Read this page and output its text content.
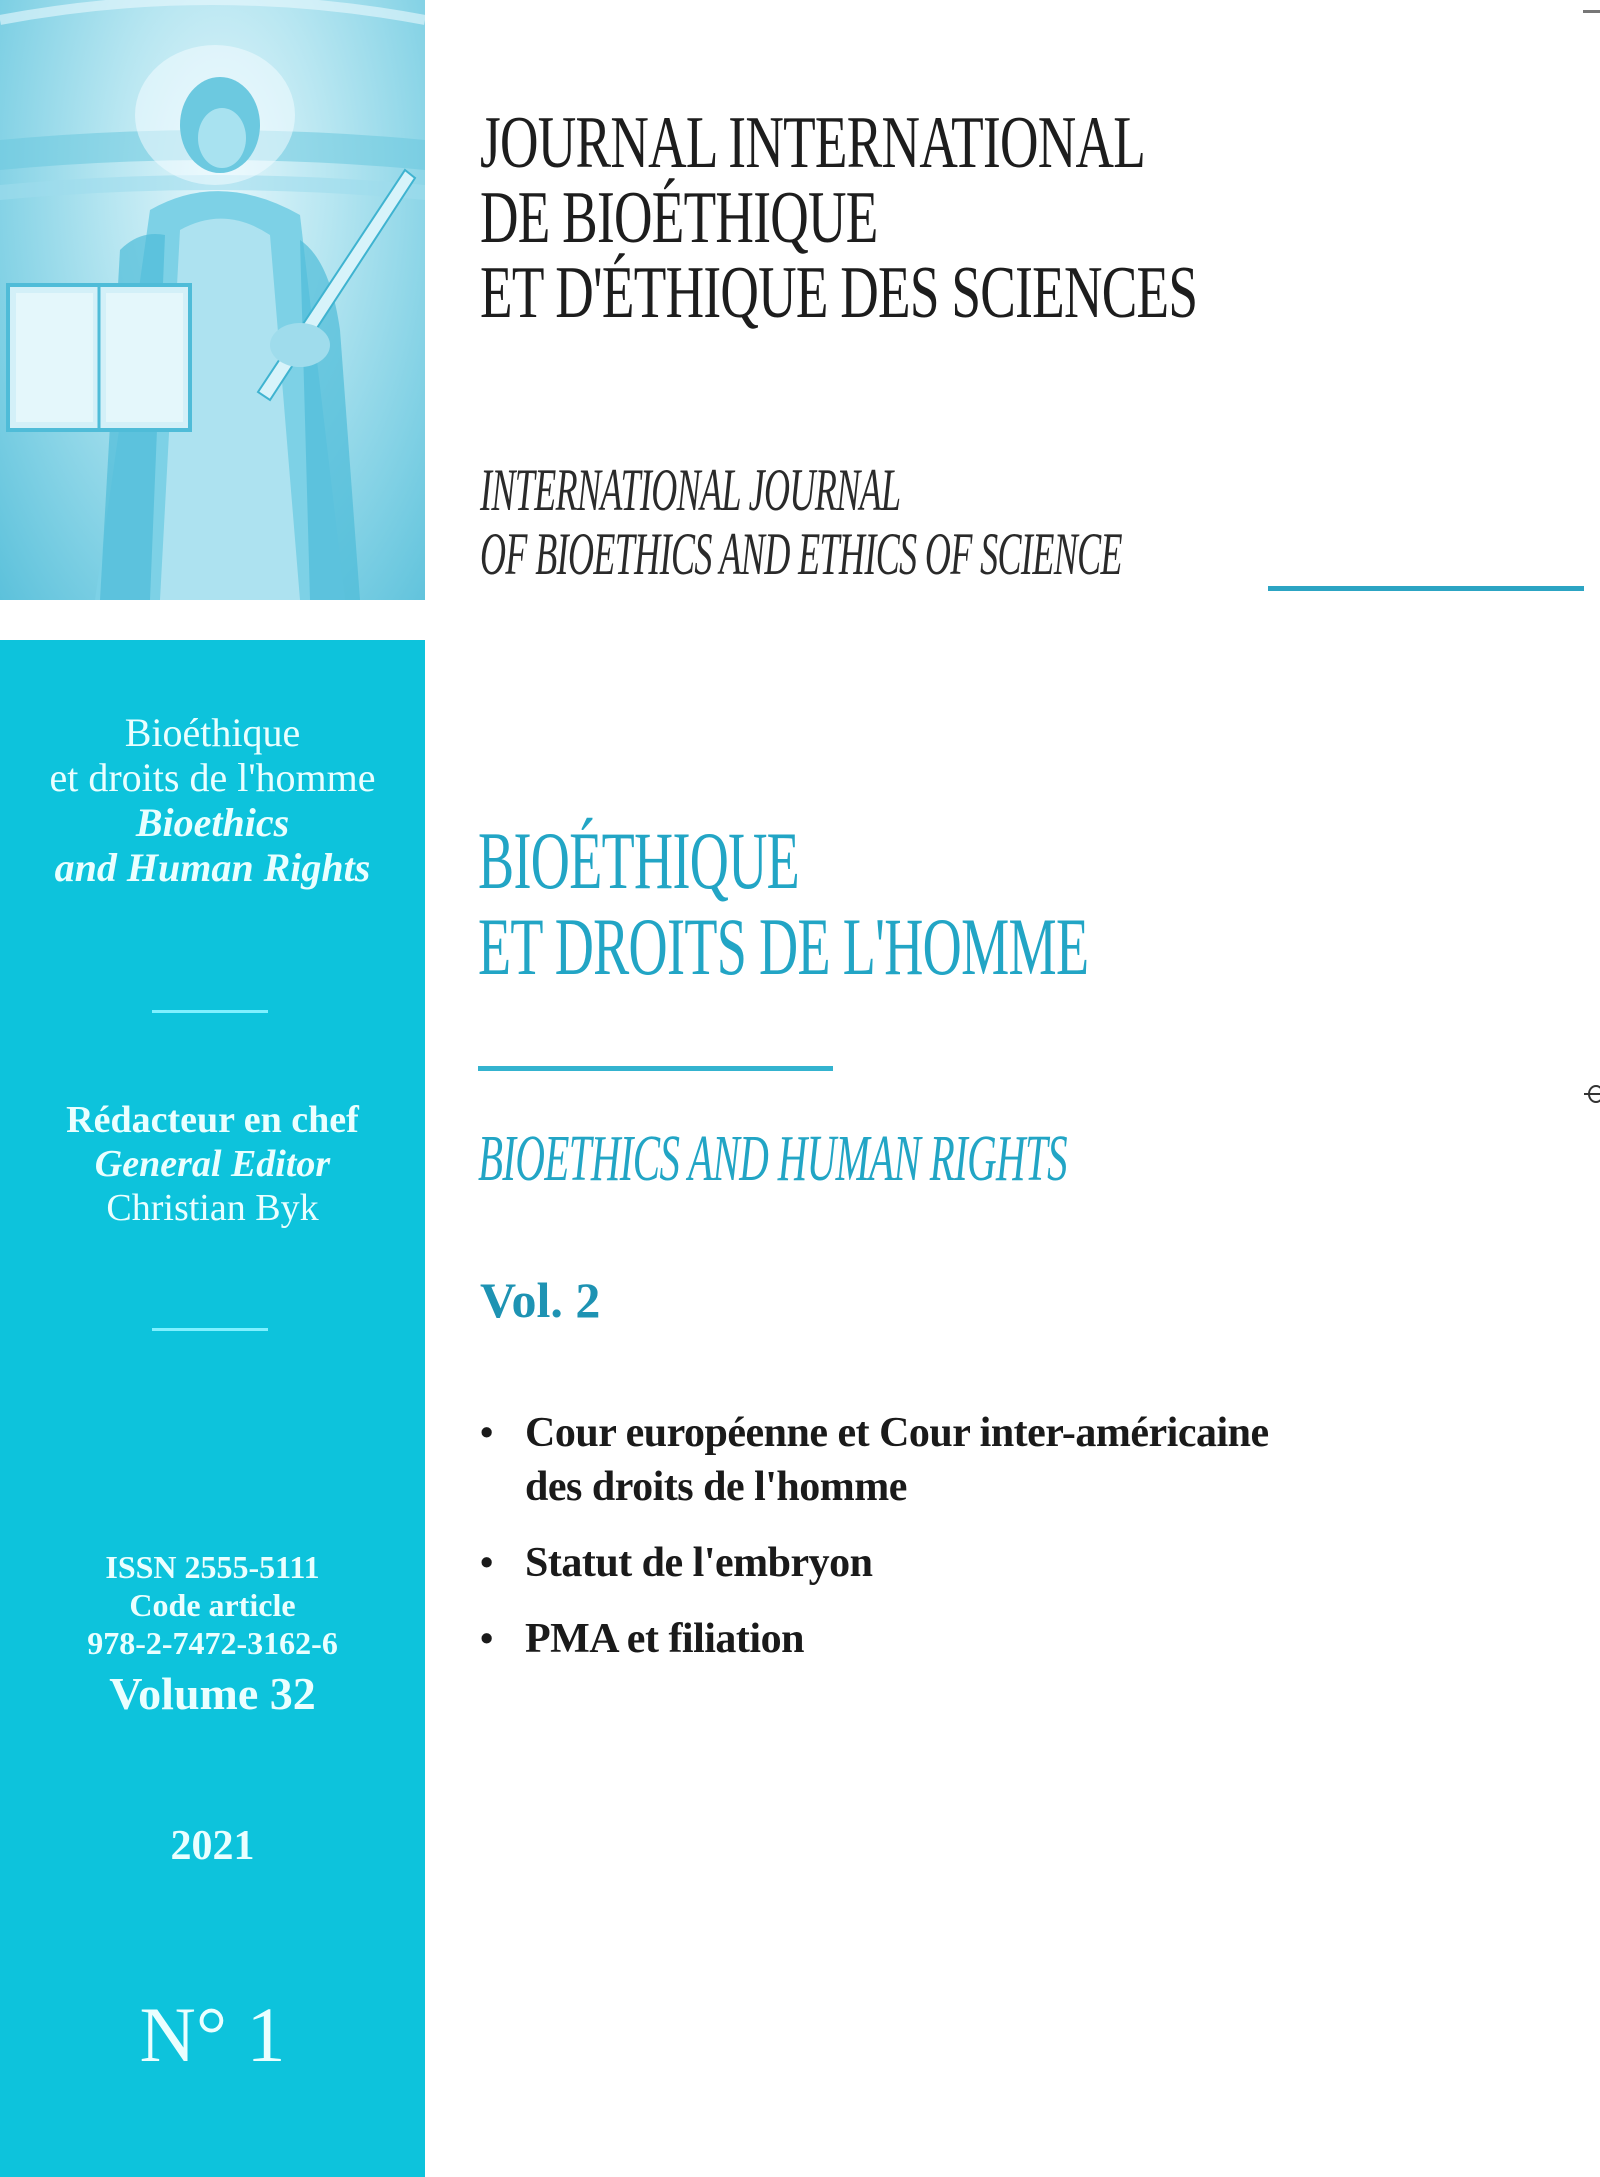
JOURNAL INTERNATIONAL
DE BIOÉTHIQUE
ET D'ÉTHIQUE DES SCIENCES
INTERNATIONAL JOURNAL
OF BIOETHICS AND ETHICS OF SCIENCE
Bioéthique
et droits de l'homme
Bioethics
and Human Rights
Rédacteur en chef
General Editor
Christian Byk
ISSN 2555-5111
Code article
978-2-7472-3162-6
Volume 32
2021
N° 1
BIOÉTHIQUE
ET DROITS DE L'HOMME
BIOETHICS AND HUMAN RIGHTS
Vol. 2
• Cour européenne et Cour inter-américaine
des droits de l'homme
• Statut de l'embryon
• PMA et filiation
